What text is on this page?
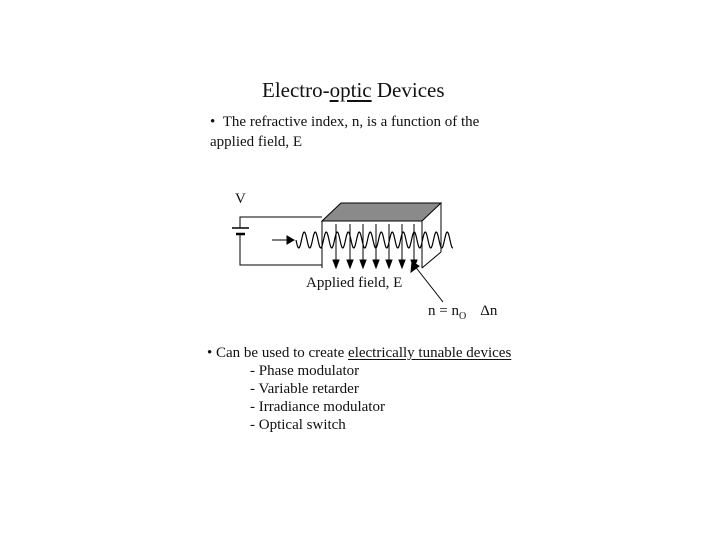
Electro-optic Devices
• The refractive index, n, is a function of the
applied field, E
V
Applied field, E
$n = n_O$ Δn
• Can be used to create electrically tunable devices
- Phase modulator
- Variable retarder
- Irradiance modulator
- Optical switch
